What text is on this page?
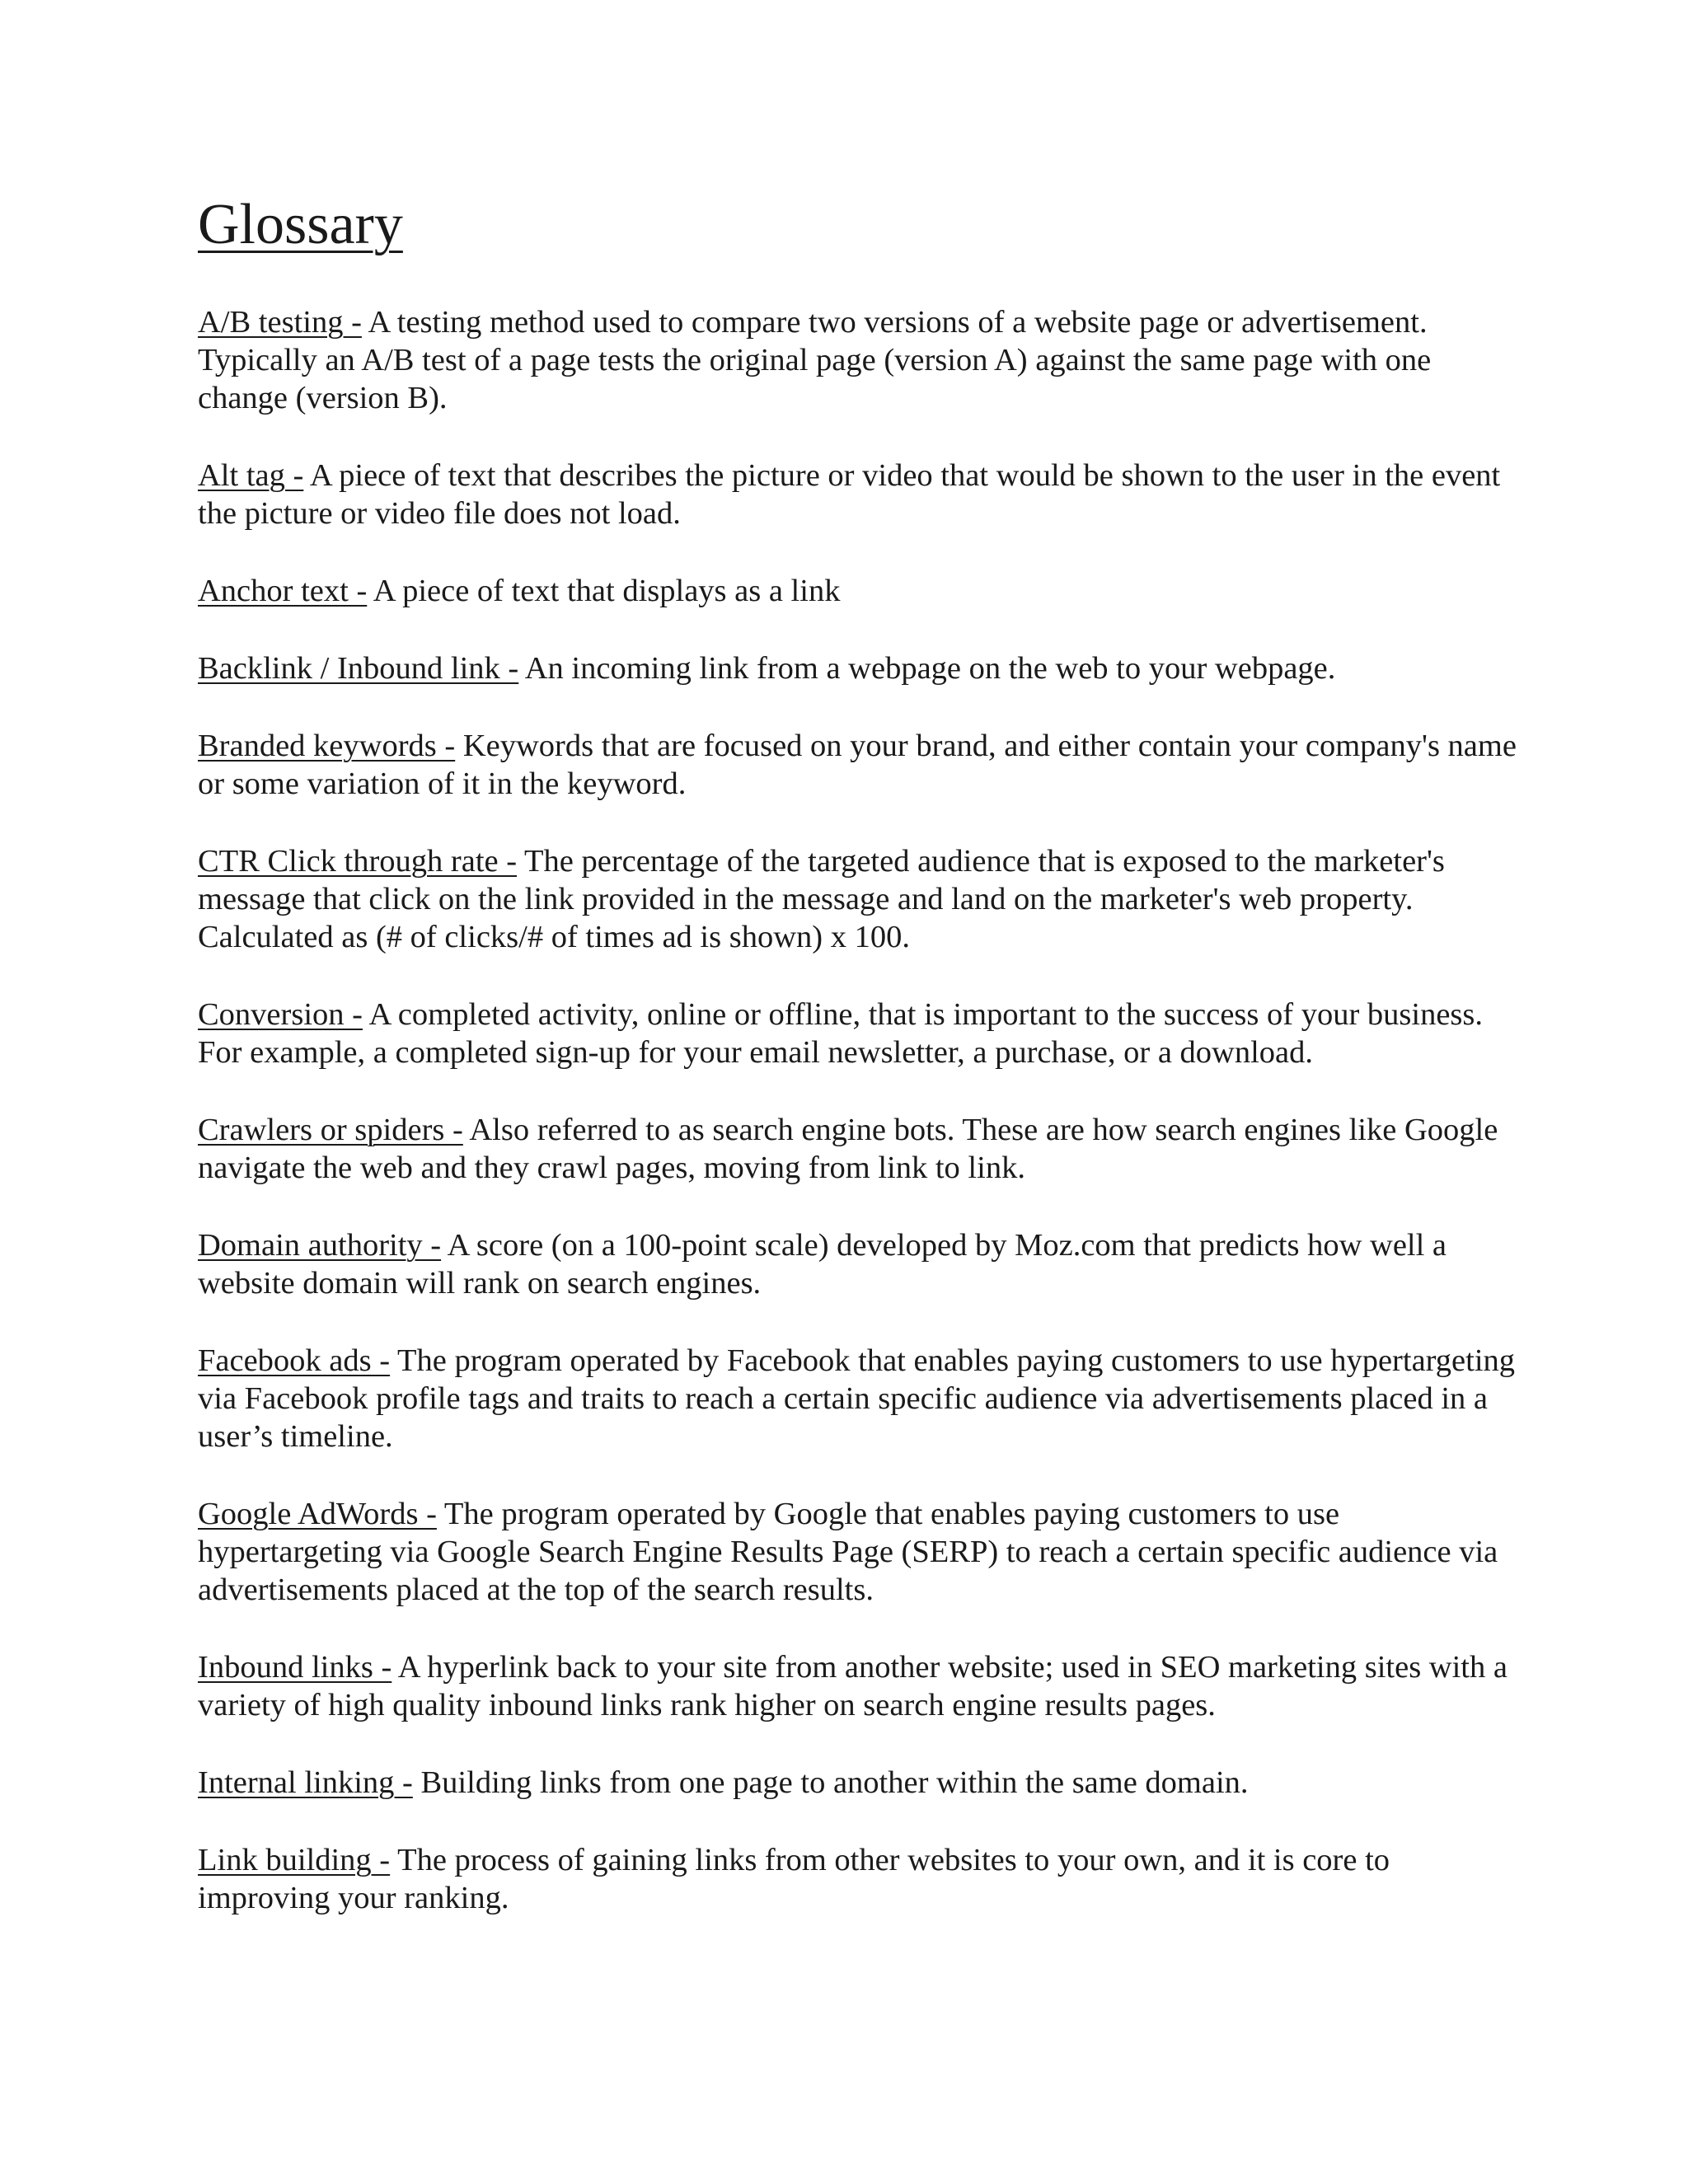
Glossary

A/B testing - A testing method used to compare two versions of a website page or advertisement. Typically an A/B test of a page tests the original page (version A) against the same page with one change (version B).

Alt tag - A piece of text that describes the picture or video that would be shown to the user in the event the picture or video file does not load.

Anchor text - A piece of text that displays as a link

Backlink / Inbound link - An incoming link from a webpage on the web to your webpage.

Branded keywords - Keywords that are focused on your brand, and either contain your company's name or some variation of it in the keyword.

CTR Click through rate - The percentage of the targeted audience that is exposed to the marketer's message that click on the link provided in the message and land on the marketer's web property. Calculated as (# of clicks/# of times ad is shown) x 100.

Conversion - A completed activity, online or offline, that is important to the success of your business. For example, a completed sign-up for your email newsletter, a purchase, or a download.

Crawlers or spiders - Also referred to as search engine bots. These are how search engines like Google navigate the web and they crawl pages, moving from link to link.

Domain authority - A score (on a 100-point scale) developed by Moz.com that predicts how well a website domain will rank on search engines.

Facebook ads - The program operated by Facebook that enables paying customers to use hypertargeting via Facebook profile tags and traits to reach a certain specific audience via advertisements placed in a user’s timeline.

Google AdWords - The program operated by Google that enables paying customers to use hypertargeting via Google Search Engine Results Page (SERP) to reach a certain specific audience via advertisements placed at the top of the search results.

Inbound links - A hyperlink back to your site from another website; used in SEO marketing sites with a variety of high quality inbound links rank higher on search engine results pages.

Internal linking - Building links from one page to another within the same domain.

Link building - The process of gaining links from other websites to your own, and it is core to improving your ranking.
